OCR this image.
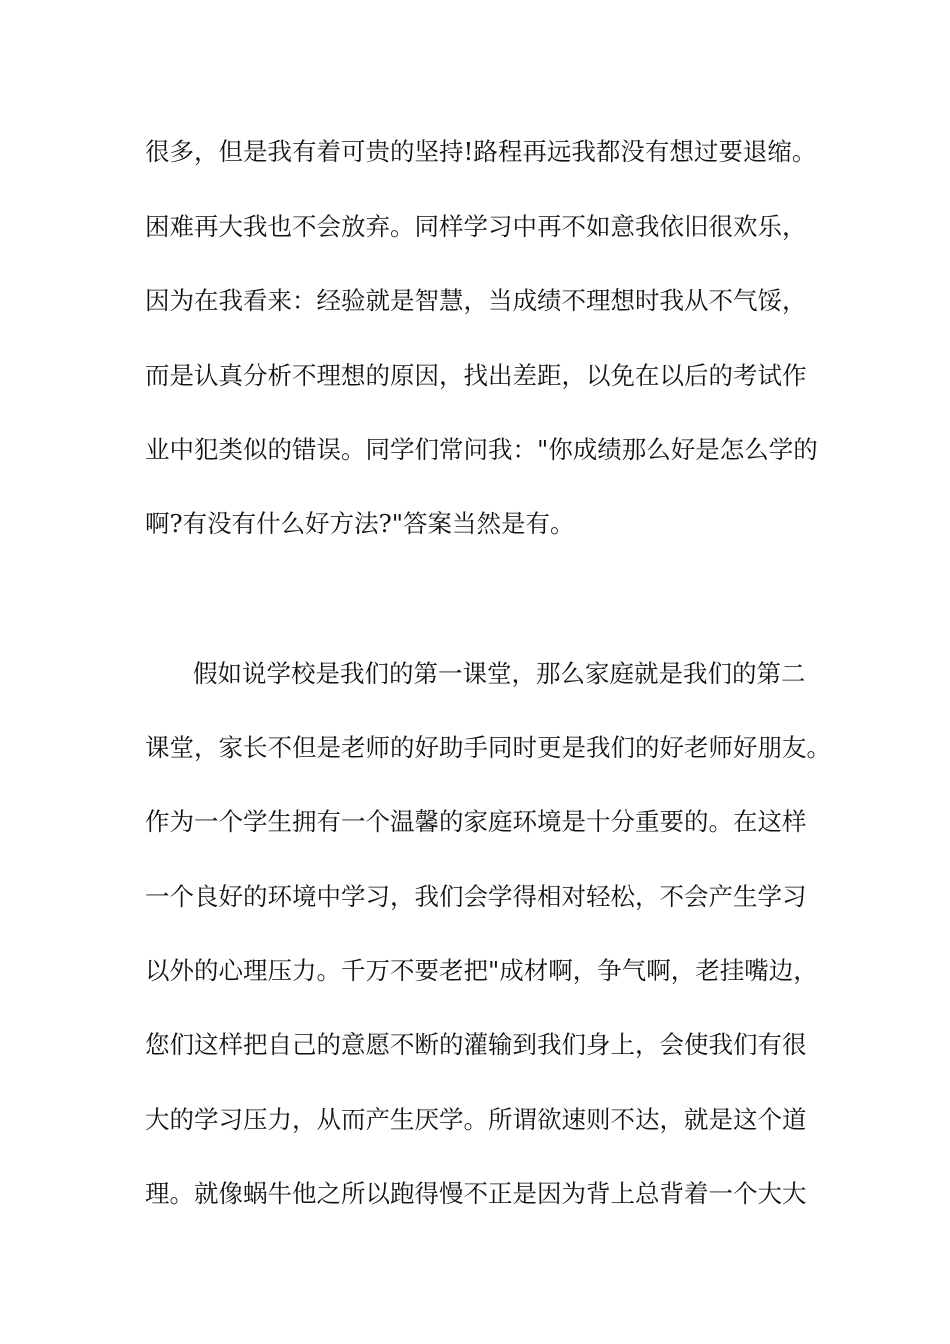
很多，但是我有着可贵的坚持!路程再远我都没有想过要退缩。
困难再大我也不会放弃。同样学习中再不如意我依旧很欢乐，
因为在我看来：经验就是智慧，当成绩不理想时我从不气馁，
而是认真分析不理想的原因，找出差距，以免在以后的考试作
业中犯类似的错误。同学们常问我："你成绩那么好是怎么学的
啊?有没有什么好方法?"答案当然是有。
假如说学校是我们的第一课堂，那么家庭就是我们的第二
课堂，家长不但是老师的好助手同时更是我们的好老师好朋友。
作为一个学生拥有一个温馨的家庭环境是十分重要的。在这样
一个良好的环境中学习，我们会学得相对轻松，不会产生学习
以外的心理压力。千万不要老把"成材啊，争气啊，老挂嘴边，
您们这样把自己的意愿不断的灌输到我们身上，会使我们有很
大的学习压力，从而产生厌学。所谓欲速则不达，就是这个道
理。就像蜗牛他之所以跑得慢不正是因为背上总背着一个大大
